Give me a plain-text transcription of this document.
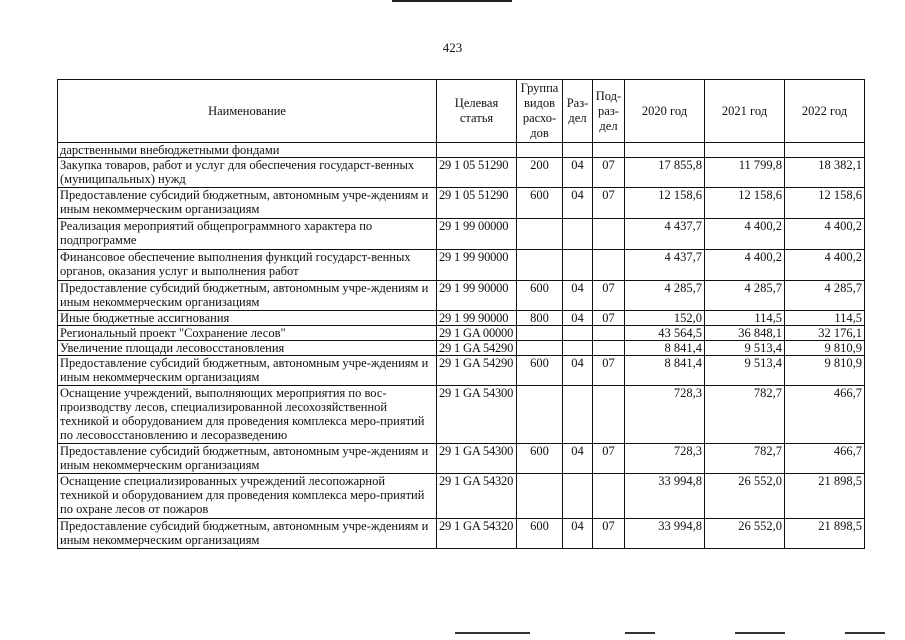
423
Наименование	Целевая статья	Группа видов расхо-дов	Раз-дел	Под-раз-дел	2020 год	2021 год	2022 год
дарственными внебюджетными фондами							
Закупка товаров, работ и услуг для обеспечения государст-венных (муниципальных) нужд	29 1 05 51290	200	04	07	17 855,8	11 799,8	18 382,1
Предоставление субсидий бюджетным, автономным учре-ждениям и иным некоммерческим организациям	29 1 05 51290	600	04	07	12 158,6	12 158,6	12 158,6
Реализация мероприятий общепрограммного характера по подпрограмме	29 1 99 00000				4 437,7	4 400,2	4 400,2
Финансовое обеспечение выполнения функций государст-венных органов, оказания услуг и выполнения работ	29 1 99 90000				4 437,7	4 400,2	4 400,2
Предоставление субсидий бюджетным, автономным учре-ждениям и иным некоммерческим организациям	29 1 99 90000	600	04	07	4 285,7	4 285,7	4 285,7
Иные бюджетные ассигнования	29 1 99 90000	800	04	07	152,0	114,5	114,5
Региональный проект "Сохранение лесов"	29 1 GA 00000				43 564,5	36 848,1	32 176,1
Увеличение площади лесовосстановления	29 1 GA 54290				8 841,4	9 513,4	9 810,9
Предоставление субсидий бюджетным, автономным учре-ждениям и иным некоммерческим организациям	29 1 GA 54290	600	04	07	8 841,4	9 513,4	9 810,9
Оснащение учреждений, выполняющих мероприятия по вос-производству лесов, специализированной лесохозяйственной техникой и оборудованием для проведения комплекса меро-приятий по лесовосстановлению и лесоразведению	29 1 GA 54300				728,3	782,7	466,7
Предоставление субсидий бюджетным, автономным учре-ждениям и иным некоммерческим организациям	29 1 GA 54300	600	04	07	728,3	782,7	466,7
Оснащение специализированных учреждений лесопожарной техникой и оборудованием для проведения комплекса меро-приятий по охране лесов от пожаров	29 1 GA 54320				33 994,8	26 552,0	21 898,5
Предоставление субсидий бюджетным, автономным учре-ждениям и иным некоммерческим организациям	29 1 GA 54320	600	04	07	33 994,8	26 552,0	21 898,5
